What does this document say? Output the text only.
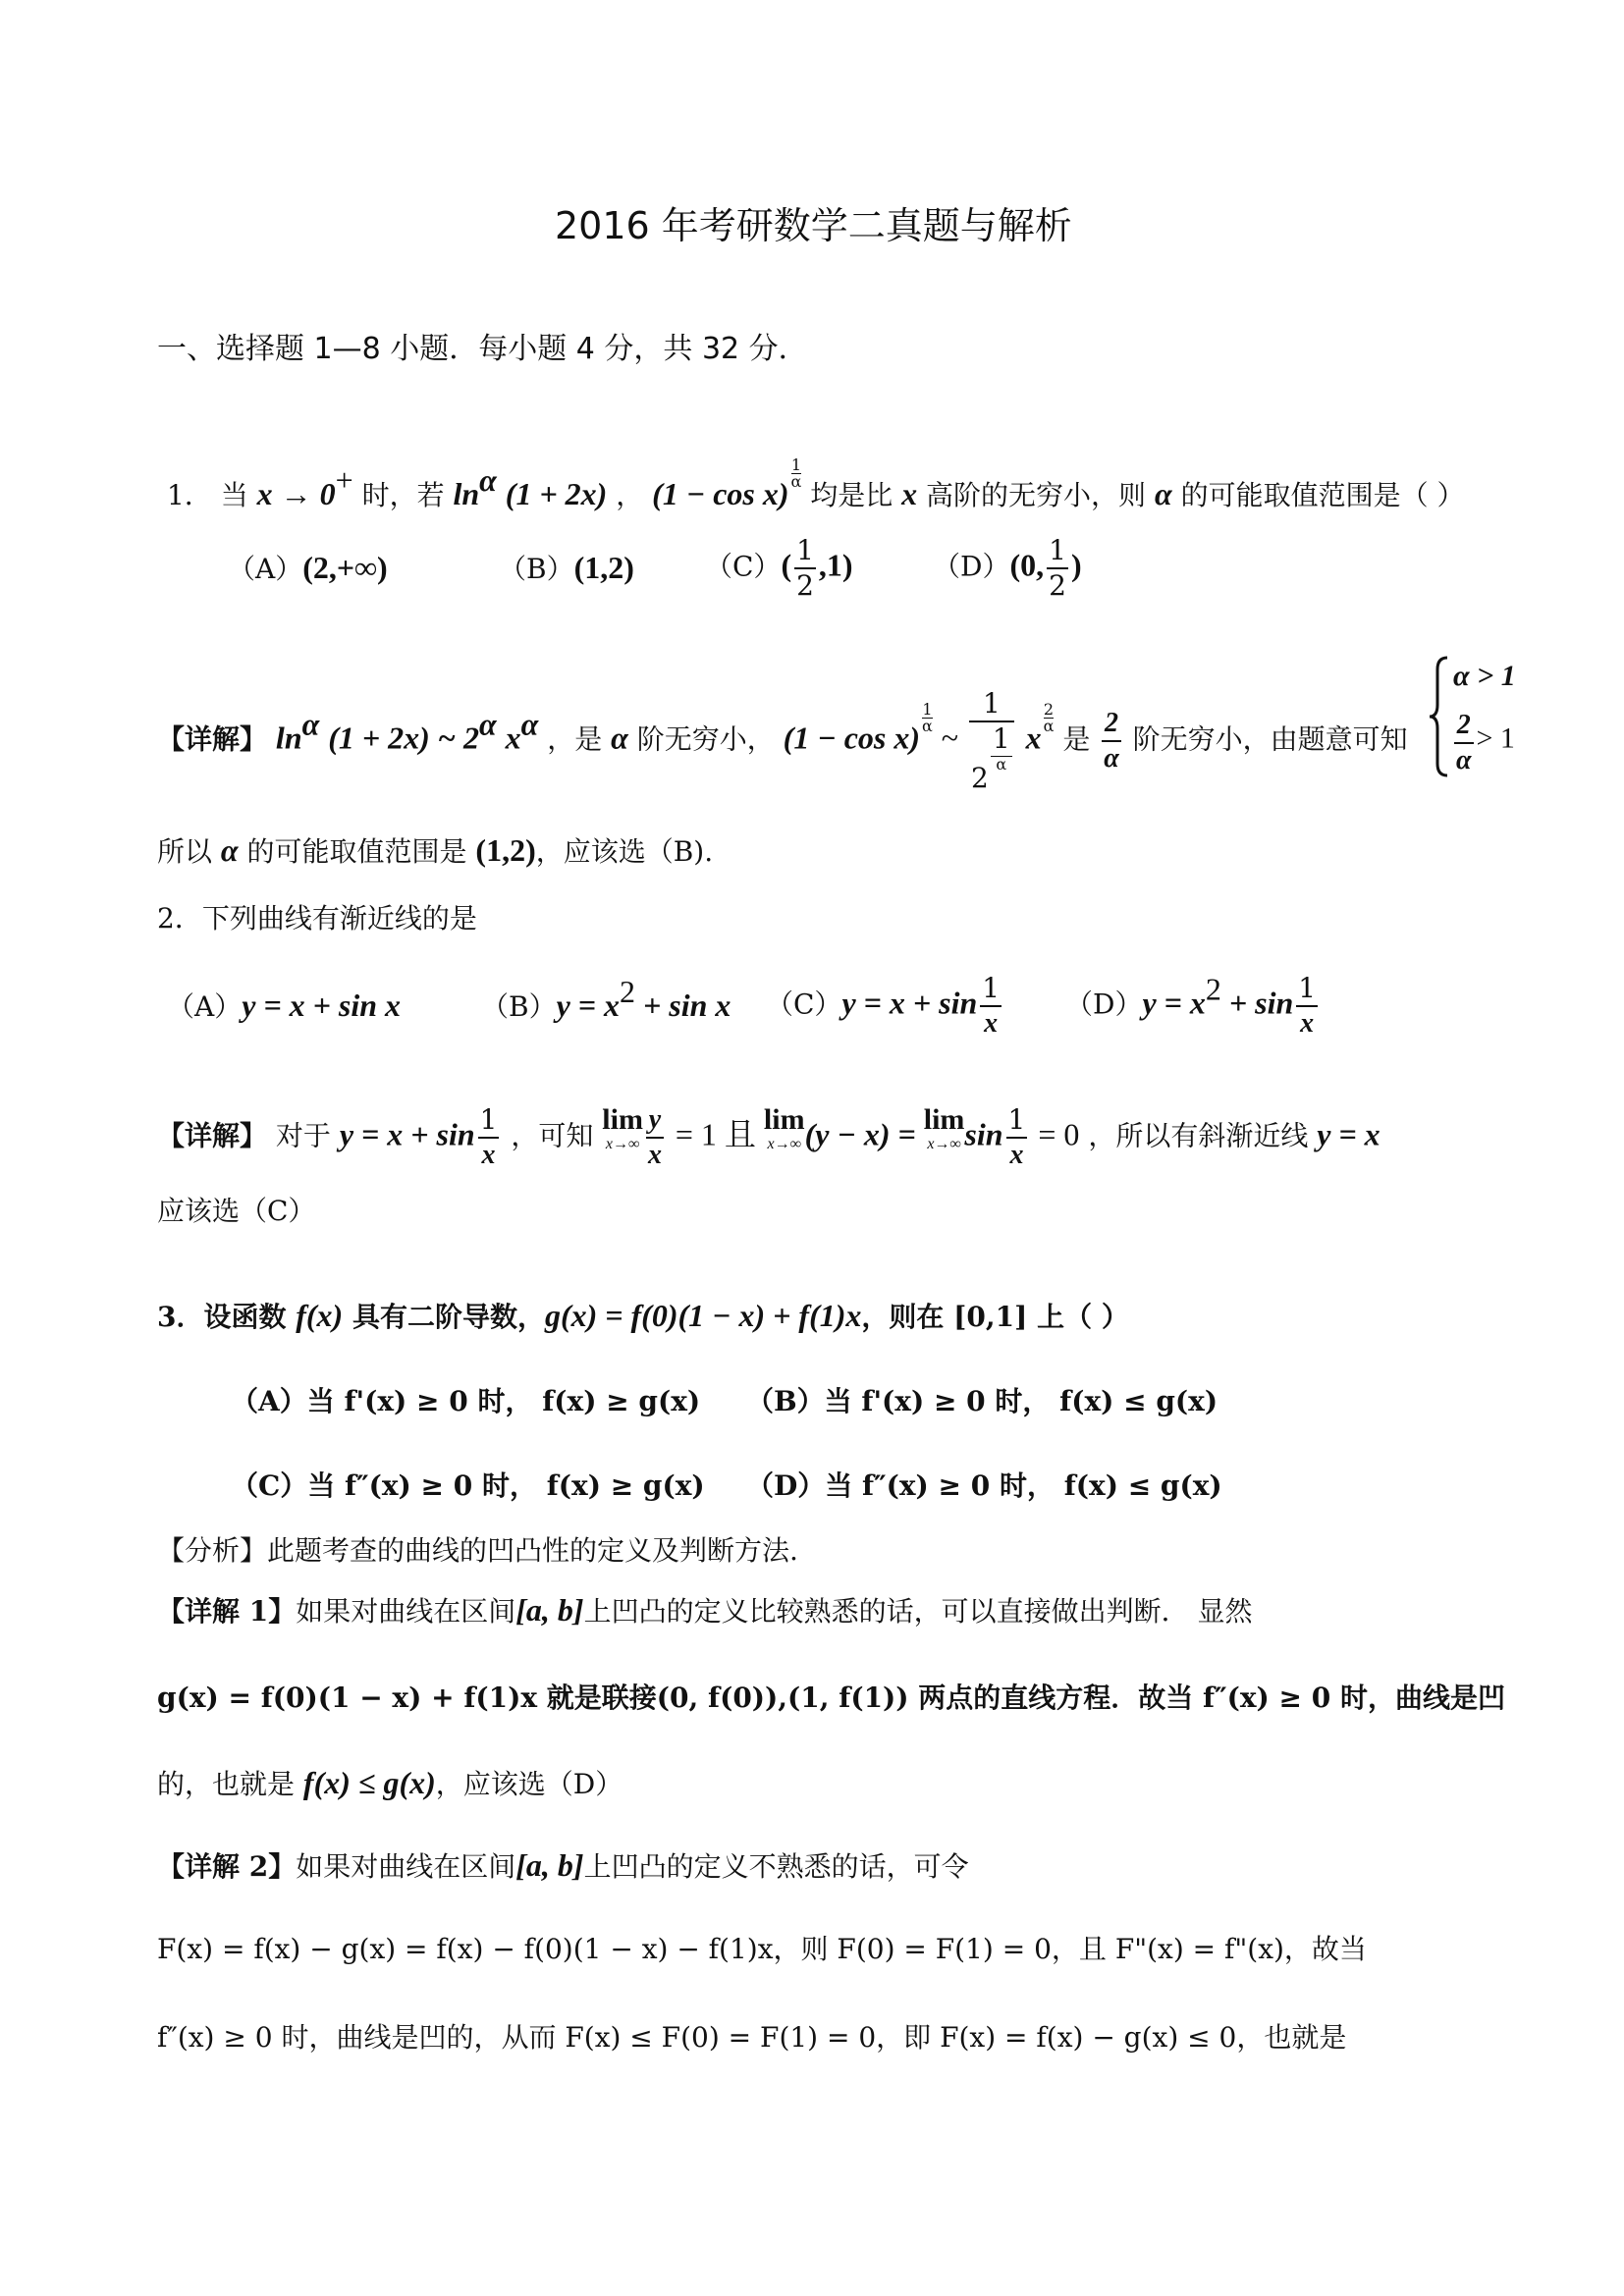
2016 年考研数学二真题与解析
一、选择题 1—8 小题．每小题 4 分，共 32 分．
1． 当 x → 0+ 时，若 $\ln^\alpha (1 + 2x)$ ， (1 − cos x)
$\frac{1}{\alpha}$
均是比 x 高阶的无穷小，则 α 的可能取值范围是（ ）
（A）(2,+∞)	（B）(1,2)	$(C)( \frac{1}{2} ,1)$	（D）(0, $\frac{1}{2}$ )
【详解】 $\ln^\alpha (1 + 2x)$ ~ $2^\alpha$ $x^\alpha$ ，是 α 阶无穷小， (1 − cos x)
$\frac{1}{\alpha}$
~ 1
2
1
α x
$\frac{2}{\alpha}$
是 $\frac{2}{\alpha}$ 阶无穷小，由题意可知
α > 1
$\frac{2}{\alpha} > 1$
所以 α 的可能取值范围是 (1,2)，应该选（B).
2．下列曲线有渐近线的是
（A）y = x + sin x	$(B)y = x^2 + \sin x$ $(C)y = x + \sin \frac{1}{x} (D)y = x^2 + \sin \frac{1}{x}$
【详解】 对于 $y = x + \sin \frac{1}{x}$ ，可知 lim
$x\to\infty \frac{y}{x} = 1$ 且 lim
x→∞ (y − x) = lim
x→∞ $\sin \frac{1}{x} = 0$ ，所以有斜渐近线 y = x
应该选（C）
3．设函数 f(x) 具有二阶导数，g(x) = f(0)(1 − x) + f(1)x，则在 [0,1] 上（ ）
（A）当 f'(x) ≥ 0 时， f(x) ≥ g(x) （B）当 f'(x) ≥ 0 时， f(x) ≤ g(x)
（C）当 f″(x) ≥ 0 时， f(x) ≥ g(x) （D）当 f″(x) ≥ 0 时， f(x) ≤ g(x)
【分析】此题考查的曲线的凹凸性的定义及判断方法.
【详解 1】如果对曲线在区间[a, b]上凹凸的定义比较熟悉的话，可以直接做出判断． 显然
g(x) = f(0)(1 − x) + f(1)x 就是联接(0, f(0)),(1, f(1)) 两点的直线方程．故当 f″(x) ≥ 0 时，曲线是凹
的，也就是 f(x) ≤ g(x)，应该选（D）
【详解 2】如果对曲线在区间[a, b]上凹凸的定义不熟悉的话，可令
F(x) = f(x) − g(x) = f(x) − f(0)(1 − x) − f(1)x，则 F(0) = F(1) = 0，且 F"(x) = f"(x)，故当
f″(x) ≥ 0 时，曲线是凹的，从而 F(x) ≤ F(0) = F(1) = 0，即 F(x) = f(x) − g(x) ≤ 0，也就是
